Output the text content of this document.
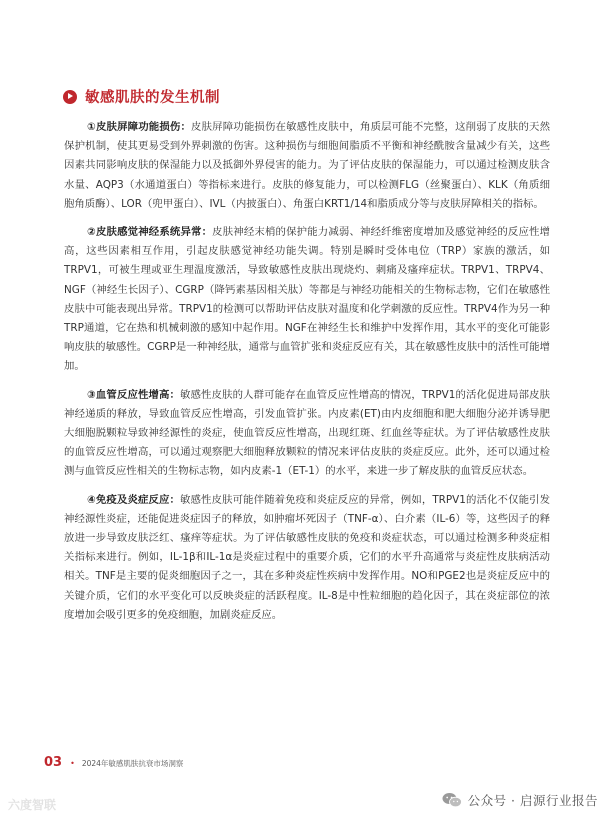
敏感肌肤的发生机制

①皮肤屏障功能损伤：皮肤屏障功能损伤在敏感性皮肤中，角质层可能不完整，这削弱了皮肤的天然保护机制，使其更易受到外界刺激的伤害。这种损伤与细胞间脂质不平衡和神经酰胺含量减少有关，这些因素共同影响皮肤的保湿能力以及抵御外界侵害的能力。为了评估皮肤的保湿能力，可以通过检测皮肤含水量、AQP3（水通道蛋白）等指标来进行。皮肤的修复能力，可以检测FLG（丝聚蛋白）、KLK（角质细胞角质酶）、LOR（兜甲蛋白）、IVL（内披蛋白）、角蛋白KRT1/14和脂质成分等与皮肤屏障相关的指标。

②皮肤感觉神经系统异常：皮肤神经末梢的保护能力减弱、神经纤维密度增加及感觉神经的反应性增高，这些因素相互作用，引起皮肤感觉神经功能失调。特别是瞬时受体电位（TRP）家族的激活，如TRPV1，可被生理或亚生理温度激活，导致敏感性皮肤出现烧灼、刺痛及瘙痒症状。TRPV1、TRPV4、NGF（神经生长因子）、CGRP（降钙素基因相关肽）等都是与神经功能相关的生物标志物，它们在敏感性皮肤中可能表现出异常。TRPV1的检测可以帮助评估皮肤对温度和化学刺激的反应性。TRPV4作为另一种TRP通道，它在热和机械刺激的感知中起作用。NGF在神经生长和维护中发挥作用，其水平的变化可能影响皮肤的敏感性。CGRP是一种神经肽，通常与血管扩张和炎症反应有关，其在敏感性皮肤中的活性可能增加。

③血管反应性增高：敏感性皮肤的人群可能存在血管反应性增高的情况，TRPV1的活化促进局部皮肤神经递质的释放，导致血管反应性增高，引发血管扩张。内皮素(ET)由内皮细胞和肥大细胞分泌并诱导肥大细胞脱颗粒导致神经源性的炎症，使血管反应性增高，出现红斑、红血丝等症状。为了评估敏感性皮肤的血管反应性增高，可以通过观察肥大细胞释放颗粒的情况来评估皮肤的炎症反应。此外，还可以通过检测与血管反应性相关的生物标志物，如内皮素-1（ET-1）的水平，来进一步了解皮肤的血管反应状态。

④免疫及炎症反应：敏感性皮肤可能伴随着免疫和炎症反应的异常，例如，TRPV1的活化不仅能引发神经源性炎症，还能促进炎症因子的释放，如肿瘤坏死因子（TNF-α）、白介素（IL-6）等，这些因子的释放进一步导致皮肤泛红、瘙痒等症状。为了评估敏感性皮肤的免疫和炎症状态，可以通过检测多种炎症相关指标来进行。例如，IL-1β和IL-1α是炎症过程中的重要介质，它们的水平升高通常与炎症性皮肤病活动相关。TNF是主要的促炎细胞因子之一，其在多种炎症性疾病中发挥作用。NO和PGE2也是炎症反应中的关键介质，它们的水平变化可以反映炎症的活跃程度。IL-8是中性粒细胞的趋化因子，其在炎症部位的浓度增加会吸引更多的免疫细胞，加剧炎症反应。

03 • 2024年敏感肌肤抗衰市场洞察
六度智联	公众号 · 启源行业报告
